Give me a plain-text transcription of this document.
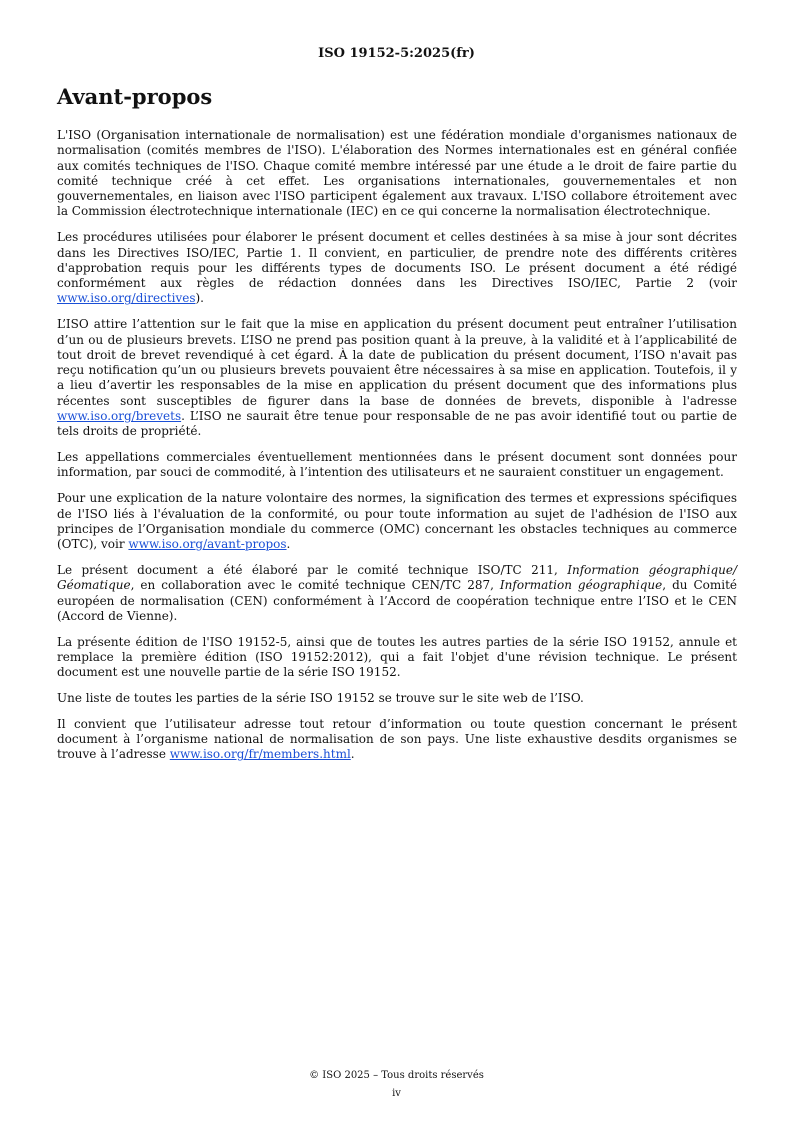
ISO 19152-5:2025(fr)
Avant-propos

L'ISO (Organisation internationale de normalisation) est une fédération mondiale d'organismes nationaux de normalisation (comités membres de l'ISO). L'élaboration des Normes internationales est en général confiée aux comités techniques de l'ISO. Chaque comité membre intéressé par une étude a le droit de faire partie du comité technique créé à cet effet. Les organisations internationales, gouvernementales et non gouvernementales, en liaison avec l'ISO participent également aux travaux. L'ISO collabore étroitement avec la Commission électrotechnique internationale (IEC) en ce qui concerne la normalisation électrotechnique.

Les procédures utilisées pour élaborer le présent document et celles destinées à sa mise à jour sont décrites dans les Directives ISO/IEC, Partie 1. Il convient, en particulier, de prendre note des différents critères d'approbation requis pour les différents types de documents ISO. Le présent document a été rédigé conformément aux règles de rédaction données dans les Directives ISO/IEC, Partie 2 (voir www.iso.org/directives).

L’ISO attire l’attention sur le fait que la mise en application du présent document peut entraîner l’utilisation d’un ou de plusieurs brevets. L’ISO ne prend pas position quant à la preuve, à la validité et à l’applicabilité de tout droit de brevet revendiqué à cet égard. À la date de publication du présent document, l’ISO n'avait pas reçu notification qu’un ou plusieurs brevets pouvaient être nécessaires à sa mise en application. Toutefois, il y a lieu d’avertir les responsables de la mise en application du présent document que des informations plus récentes sont susceptibles de figurer dans la base de données de brevets, disponible à l'adresse www.iso.org/brevets. L’ISO ne saurait être tenue pour responsable de ne pas avoir identifié tout ou partie de tels droits de propriété.

Les appellations commerciales éventuellement mentionnées dans le présent document sont données pour information, par souci de commodité, à l’intention des utilisateurs et ne sauraient constituer un engagement.

Pour une explication de la nature volontaire des normes, la signification des termes et expressions spécifiques de l'ISO liés à l'évaluation de la conformité, ou pour toute information au sujet de l'adhésion de l'ISO aux principes de l’Organisation mondiale du commerce (OMC) concernant les obstacles techniques au commerce (OTC), voir www.iso.org/avant-propos.

Le présent document a été élaboré par le comité technique ISO/TC 211, Information géographique/ Géomatique, en collaboration avec le comité technique CEN/TC 287, Information géographique, du Comité européen de normalisation (CEN) conformément à l’Accord de coopération technique entre l’ISO et le CEN (Accord de Vienne).

La présente édition de l'ISO 19152-5, ainsi que de toutes les autres parties de la série ISO 19152, annule et remplace la première édition (ISO 19152:2012), qui a fait l'objet d'une révision technique. Le présent document est une nouvelle partie de la série ISO 19152.

Une liste de toutes les parties de la série ISO 19152 se trouve sur le site web de l’ISO.

Il convient que l’utilisateur adresse tout retour d’information ou toute question concernant le présent document à l’organisme national de normalisation de son pays. Une liste exhaustive desdits organismes se trouve à l’adresse www.iso.org/fr/members.html.

© ISO 2025 – Tous droits réservés
iv
